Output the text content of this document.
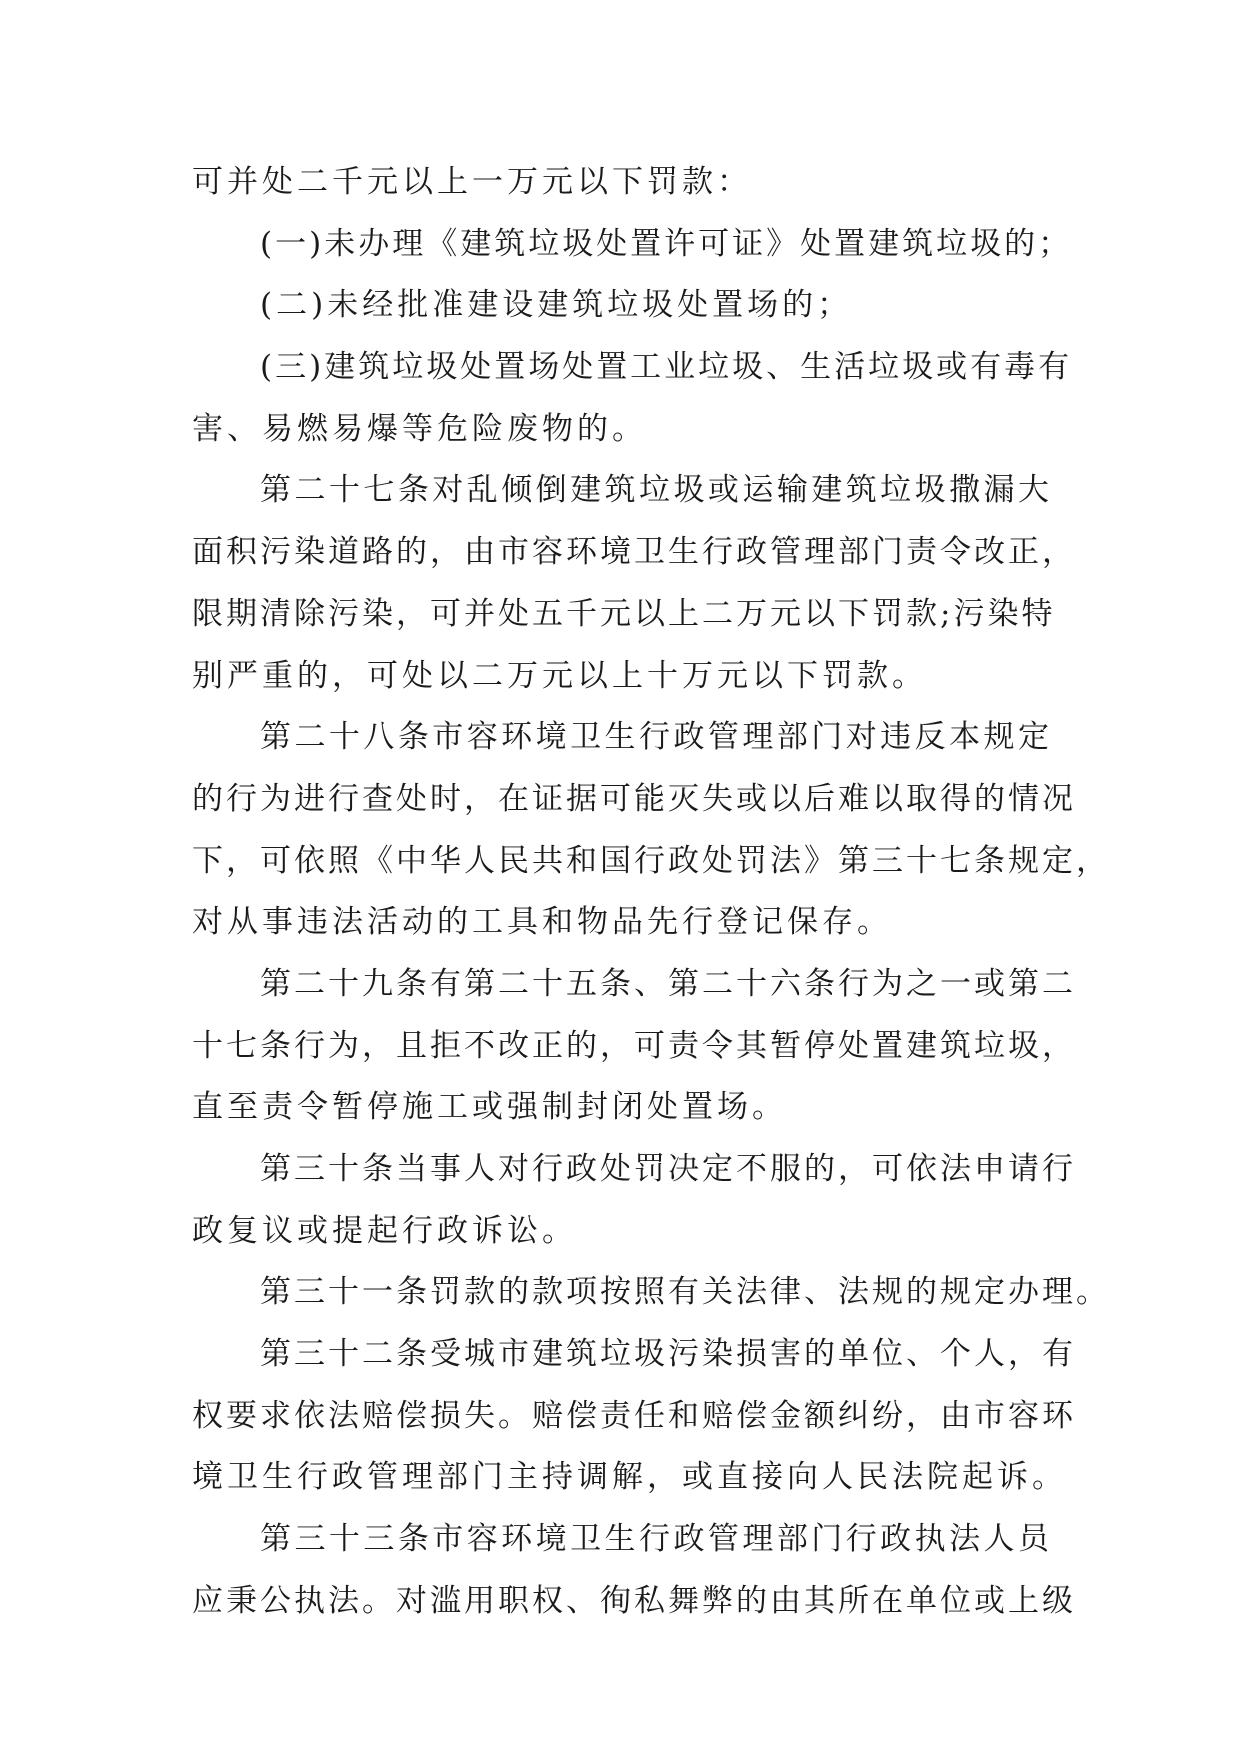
可并处二千元以上一万元以下罚款：
(一)未办理《建筑垃圾处置许可证》处置建筑垃圾的；
(二)未经批准建设建筑垃圾处置场的；
(三)建筑垃圾处置场处置工业垃圾、生活垃圾或有毒有
害、易燃易爆等危险废物的。
第二十七条对乱倾倒建筑垃圾或运输建筑垃圾撒漏大
面积污染道路的，由市容环境卫生行政管理部门责令改正，
限期清除污染，可并处五千元以上二万元以下罚款;污染特
别严重的，可处以二万元以上十万元以下罚款。
第二十八条市容环境卫生行政管理部门对违反本规定
的行为进行查处时，在证据可能灭失或以后难以取得的情况
下，可依照《中华人民共和国行政处罚法》第三十七条规定，
对从事违法活动的工具和物品先行登记保存。
第二十九条有第二十五条、第二十六条行为之一或第二
十七条行为，且拒不改正的，可责令其暂停处置建筑垃圾，
直至责令暂停施工或强制封闭处置场。
第三十条当事人对行政处罚决定不服的，可依法申请行
政复议或提起行政诉讼。
第三十一条罚款的款项按照有关法律、法规的规定办理。
第三十二条受城市建筑垃圾污染损害的单位、个人，有
权要求依法赔偿损失。赔偿责任和赔偿金额纠纷，由市容环
境卫生行政管理部门主持调解，或直接向人民法院起诉。
第三十三条市容环境卫生行政管理部门行政执法人员
应秉公执法。对滥用职权、徇私舞弊的由其所在单位或上级
